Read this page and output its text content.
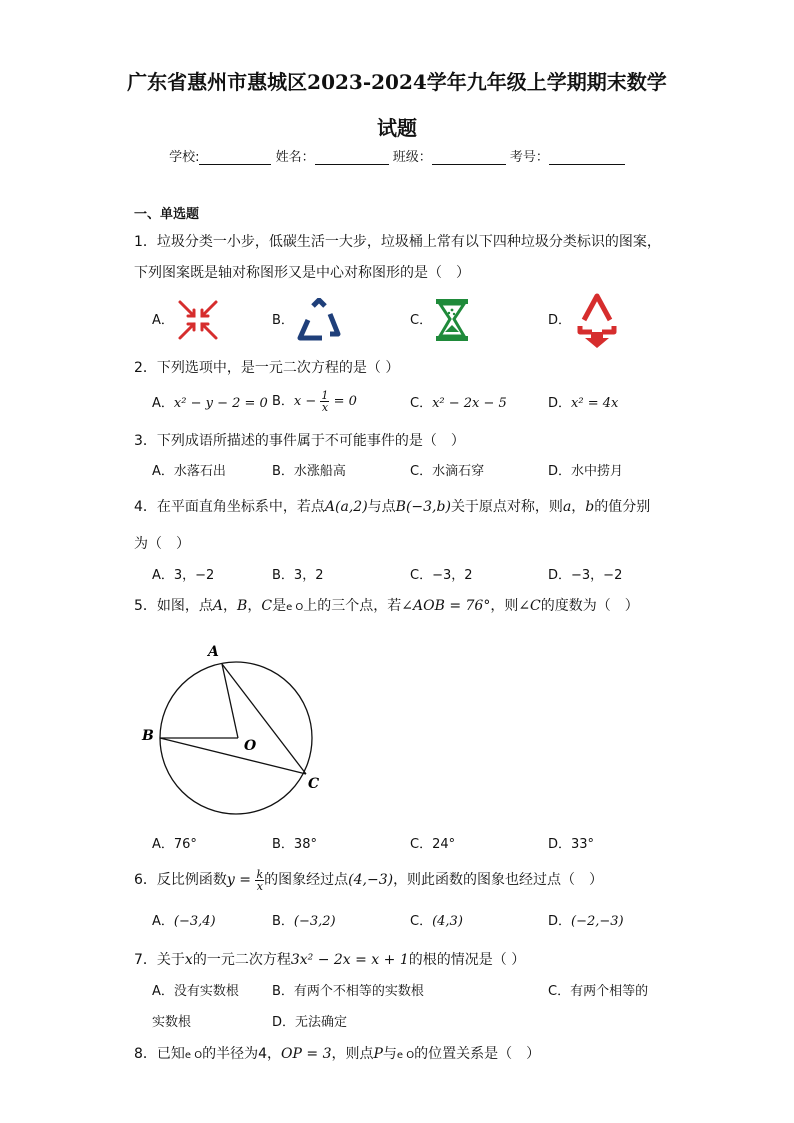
广东省惠州市惠城区2023-2024学年九年级上学期期末数学
试题
学校:	姓名：	班级：	考号：
一、单选题
1．垃圾分类一小步，低碳生活一大步，垃圾桶上常有以下四种垃圾分类标识的图案，
下列图案既是轴对称图形又是中心对称图形的是（　）
A．	B．	C．	D．
2．下列选项中，是一元二次方程的是（ ）
A．x² − y − 2 = 0 B．$x - \frac{1}{x} = 0$	C．x² − 2x − 5	D．x² = 4x
3．下列成语所描述的事件属于不可能事件的是（　）
A．水落石出	B．水涨船高	C．水滴石穿	D．水中捞月
4．在平面直角坐标系中，若点A(a,2)与点B(−3,b)关于原点对称，则a，b的值分别
为（　）
A．3，−2	B．3，2	C．−3，2	D．−3，−2
5．如图，点A，B，C是e O上的三个点，若∠AOB = 76°，则∠C的度数为（　）
A
B
O
C
A．76°	B．38°	C．24°	D．33°
6．反比例函数$y = \frac{k}{x}$ 的图象经过点(4,−3)，则此函数的图象也经过点（　）
A．(−3,4)	B．(−3,2)	C．(4,3)	D．(−2,−3)
7．关于x的一元二次方程3x² − 2x = x + 1的根的情况是（ ）
A．没有实数根	B．有两个不相等的实数根	C．有两个相等的
实数根	D．无法确定
8．已知e O的半径为4，OP = 3，则点P与e O的位置关系是（　）
